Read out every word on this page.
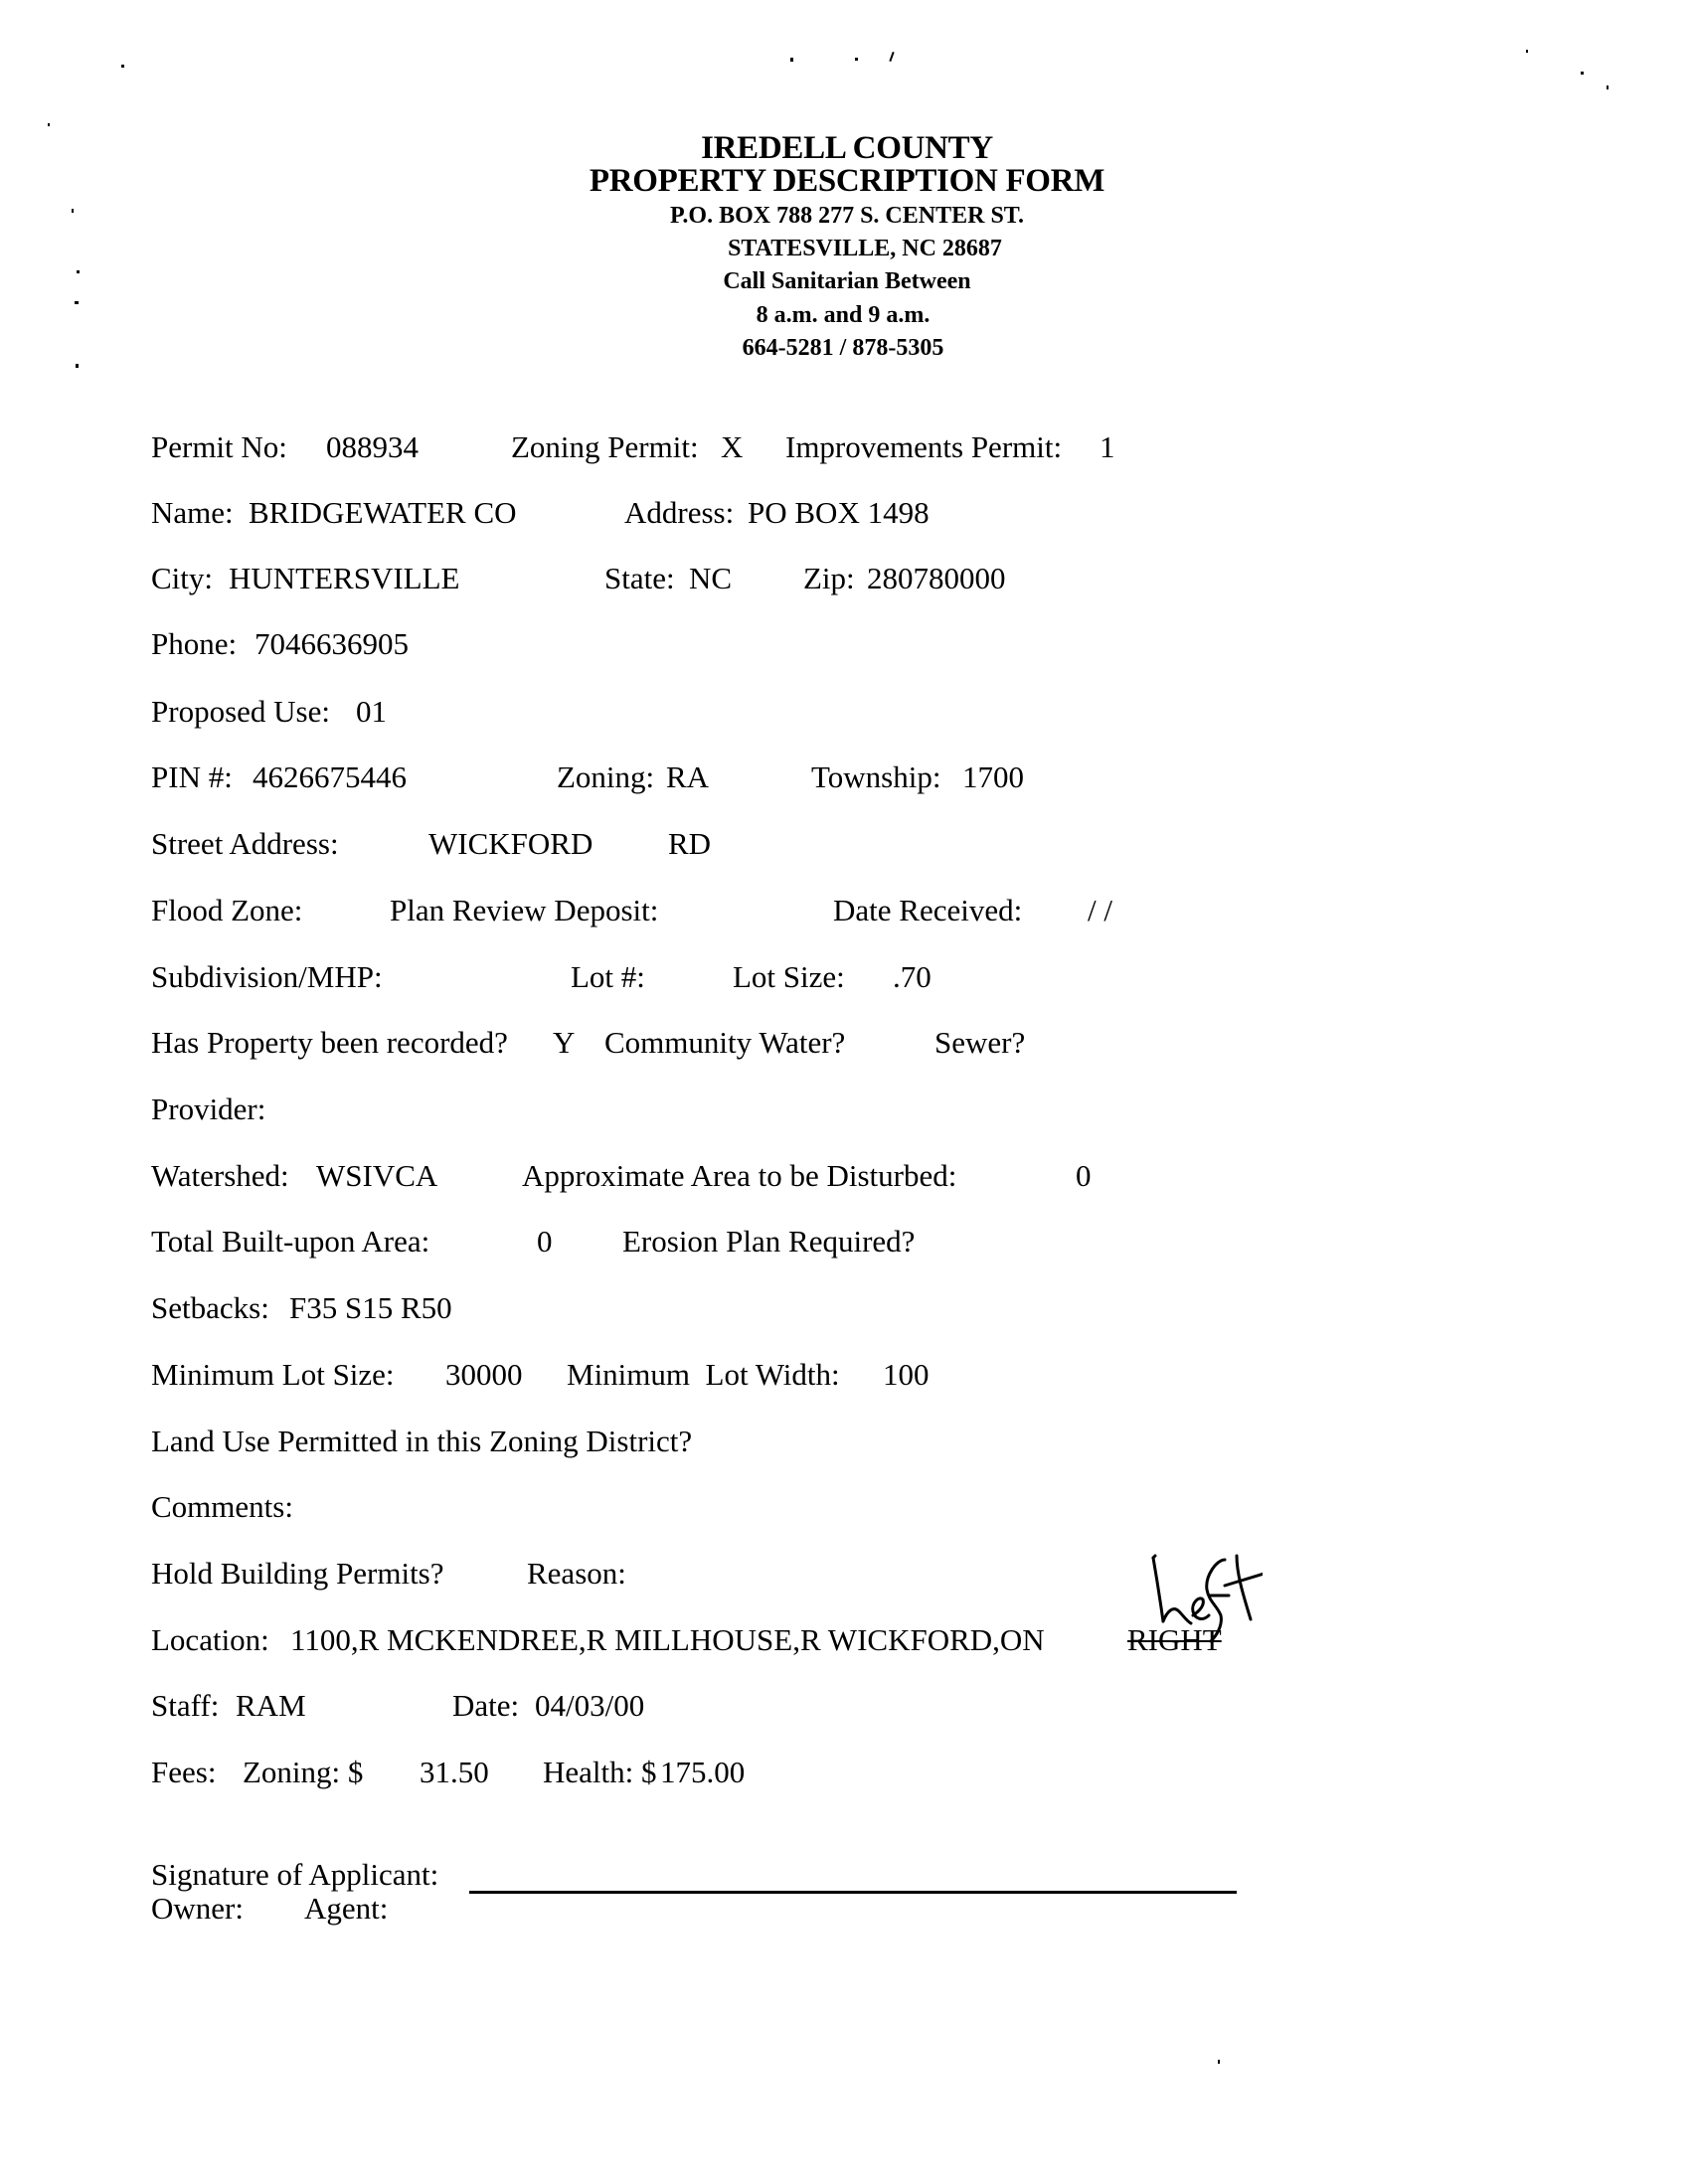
IREDELL COUNTY
PROPERTY DESCRIPTION FORM
P.O. BOX 788 277 S. CENTER ST.
STATESVILLE, NC 28687
Call Sanitarian Between
8 a.m. and 9 a.m.
664-5281 / 878-5305
Permit No: 088934	Zoning Permit: X Improvements Permit: 1
Name: BRIDGEWATER CO	Address: PO BOX 1498
City: HUNTERSVILLE	State: NC Zip: 280780000
Phone: 7046636905
Proposed Use: 01
PIN #: 4626675446	Zoning: RA	Township: 1700
Street Address:	WICKFORD RD
Flood Zone:	Plan Review Deposit:	Date Received: / /
Subdivision/MHP:	Lot #:	Lot Size: .70
Has Property been recorded? Y Community Water?	Sewer?
Provider:
Watershed: WSIVCA	Approximate Area to be Disturbed:	0
Total Built-upon Area:	0 Erosion Plan Required?
Setbacks: F35 S15 R50
Minimum Lot Size: 30000 Minimum  Lot Width: 100
Land Use Permitted in this Zoning District?
Comments:
Hold Building Permits?	Reason:
Location: 1100,R MCKENDREE,R MILLHOUSE,R WICKFORD,ON	RIGHT
Staff: RAM	Date: 04/03/00
Fees: Zoning: $ 31.50 Health: $ 175.00
Signature of Applicant:
Owner: Agent:
